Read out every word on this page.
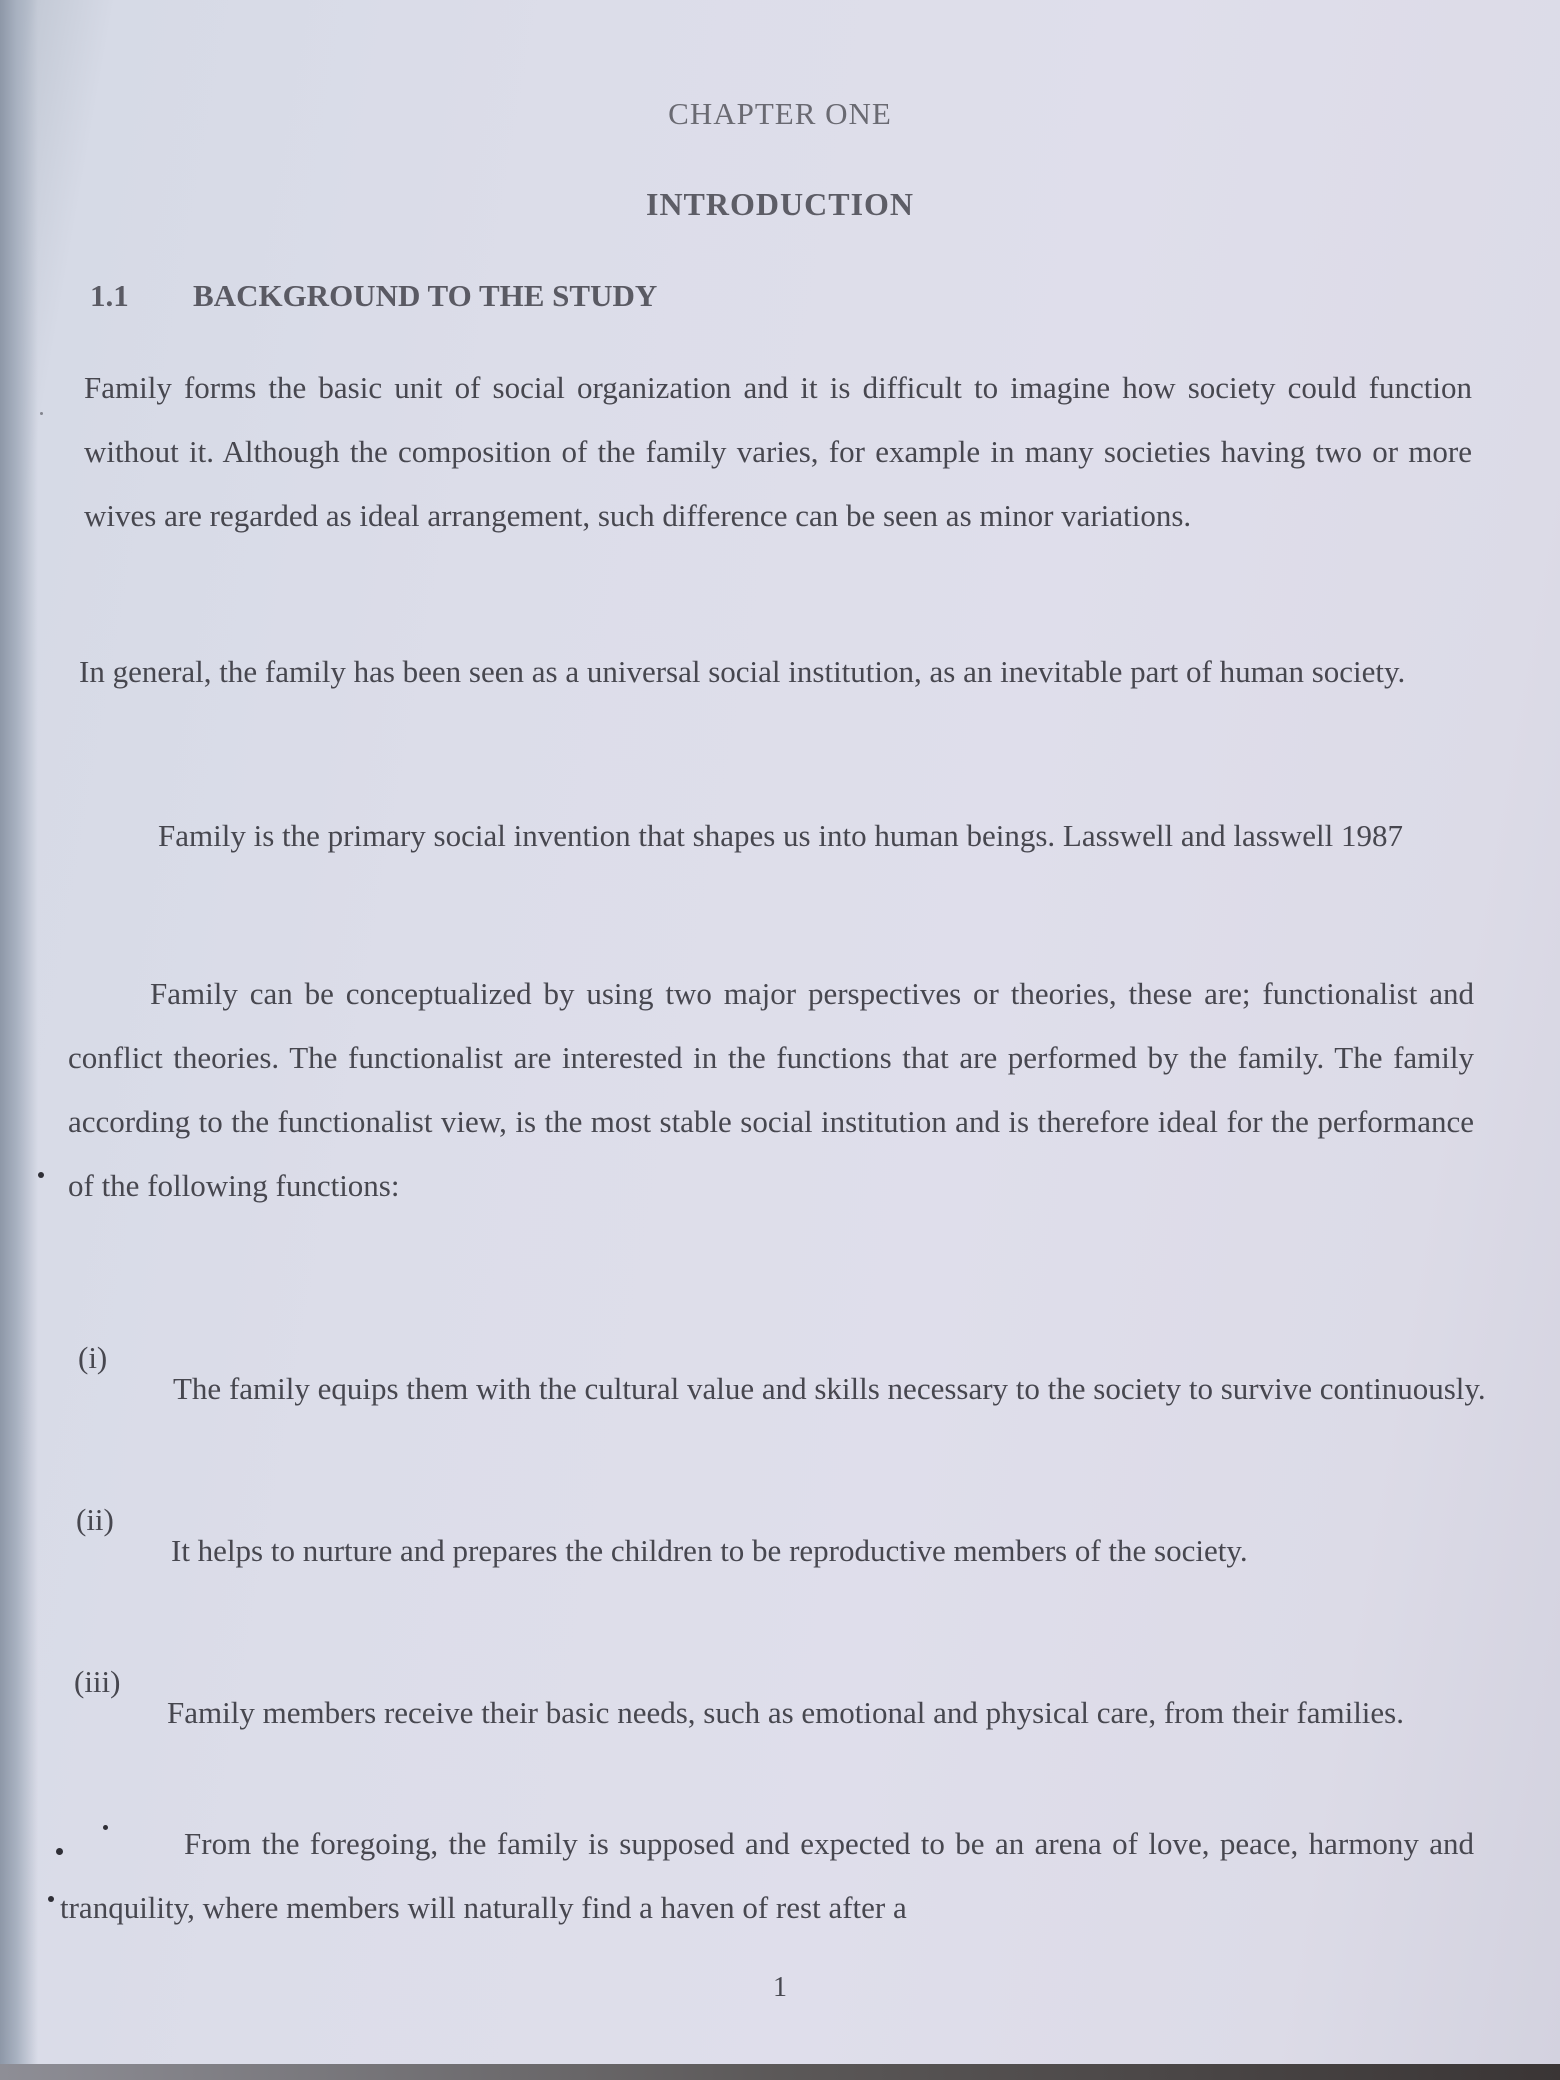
CHAPTER ONE

INTRODUCTION

1.1 BACKGROUND TO THE STUDY

Family forms the basic unit of social organization and it is difficult to imagine how society could function without it. Although the composition of the family varies, for example in many societies having two or more wives are regarded as ideal arrangement, such difference can be seen as minor variations.

In general, the family has been seen as a universal social institution, as an inevitable part of human society.

Family is the primary social invention that shapes us into human beings. Lasswell and lasswell 1987

Family can be conceptualized by using two major perspectives or theories, these are; functionalist and conflict theories. The functionalist are interested in the functions that are performed by the family. The family according to the functionalist view, is the most stable social institution and is therefore ideal for the performance of the following functions:

(i)

The family equips them with the cultural value and skills necessary to the society to survive continuously.

(ii)

It helps to nurture and prepares the children to be reproductive members of the society.

(iii)

Family members receive their basic needs, such as emotional and physical care, from their families.

From the foregoing, the family is supposed and expected to be an arena of love, peace, harmony and tranquility, where members will naturally find a haven of rest after a

1
